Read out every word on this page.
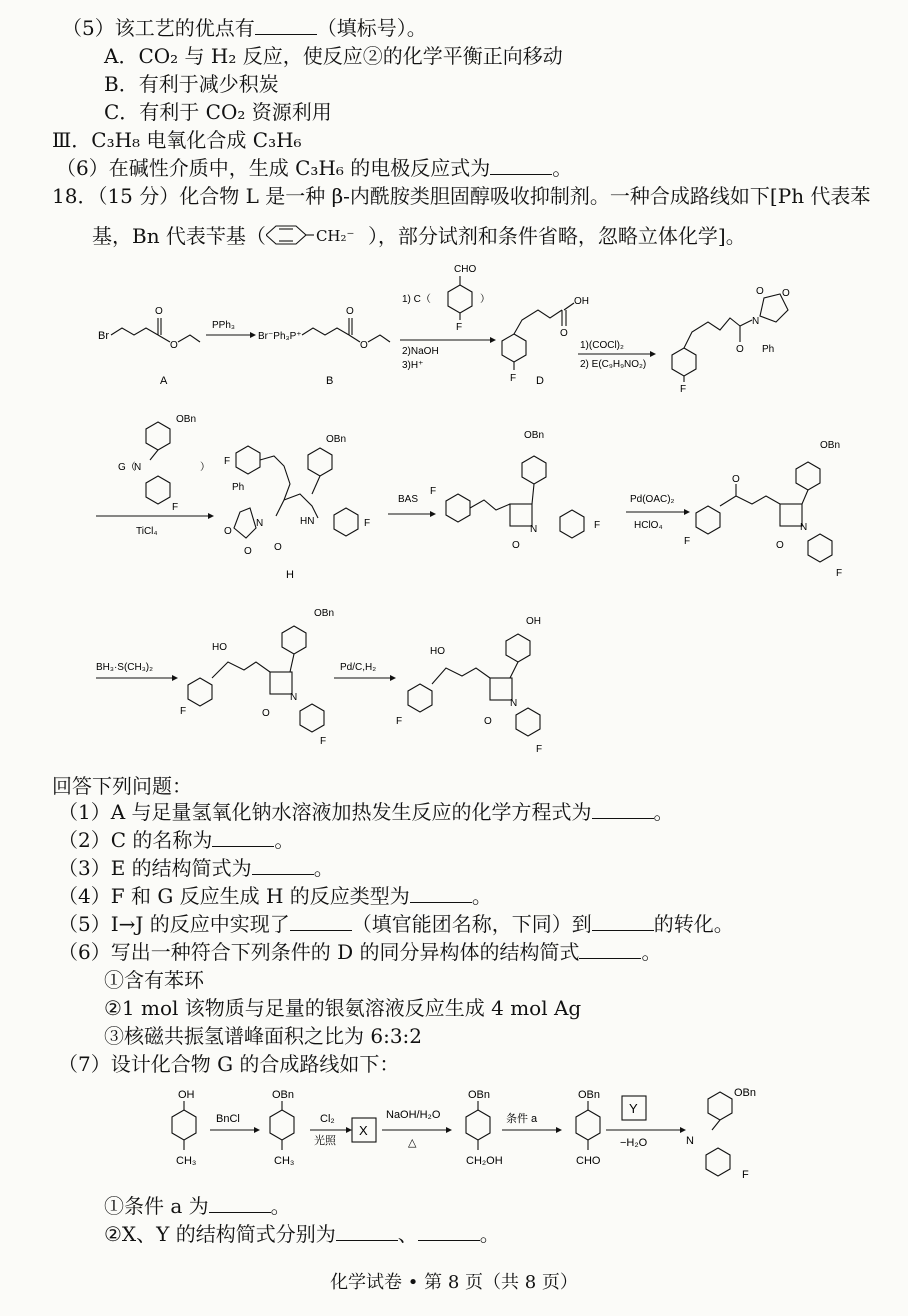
（5）该工艺的优点有	（填标号）。
A．CO₂ 与 H₂ 反应，使反应②的化学平衡正向移动
B．有利于减少积炭
C．有利于 CO₂ 资源利用
Ⅲ．C₃H₈ 电氧化合成 C₃H₆
（6）在碱性介质中，生成 C₃H₆ 的电极反应式为	。
18．（15 分）化合物 L 是一种 β-内酰胺类胆固醇吸收抑制剂。一种合成路线如下[Ph 代表苯
基，Bn 代表苄基（	CH₂⁻ ），部分试剂和条件省略，忽略立体化学]。
Br
O
O
A
PPh₃
Br⁻Ph₃P⁺
O
O
B
1) C（
CHO
F
）
2)NaOH
3)H⁺
F
O
OH
D
1)(COCl)₂
2) E(C₉H₉NO₂)
F
O
N
O O
Ph
G（
OBn
N
F
）
TiCl₄
F
OBn
HN	F
N
Ph
O
O O
H
BAS
F
N
O
OBn
F
Pd(OAC)₂
HClO₄
F
O
N
O
OBn
F
BH₃·S(CH₃)₂
HO
F
N
O
OBn
F
Pd/C,H₂
HO
F
N
O
OH
F
回答下列问题：
（1）A 与足量氢氧化钠水溶液加热发生反应的化学方程式为	。
（2）C 的名称为	。
（3）E 的结构简式为	。
（4）F 和 G 反应生成 H 的反应类型为	。
（5）I→J 的反应中实现了	（填官能团名称，下同）到	的转化。
（6）写出一种符合下列条件的 D 的同分异构体的结构简式	。
①含有苯环
②1 mol 该物质与足量的银氨溶液反应生成 4 mol Ag
③核磁共振氢谱峰面积之比为 6:3:2
（7）设计化合物 G 的合成路线如下：
OH
CH₃
BnCl
OBn
CH₃
Cl₂
光照
X
NaOH/H₂O
△
OBn
CH₂OH
条件 a
OBn
CHO
Y
−H₂O
OBn
N
F
①条件 a 为	。
②X、Y 的结构简式分别为	、	。
化学试卷 • 第 8 页（共 8 页）
